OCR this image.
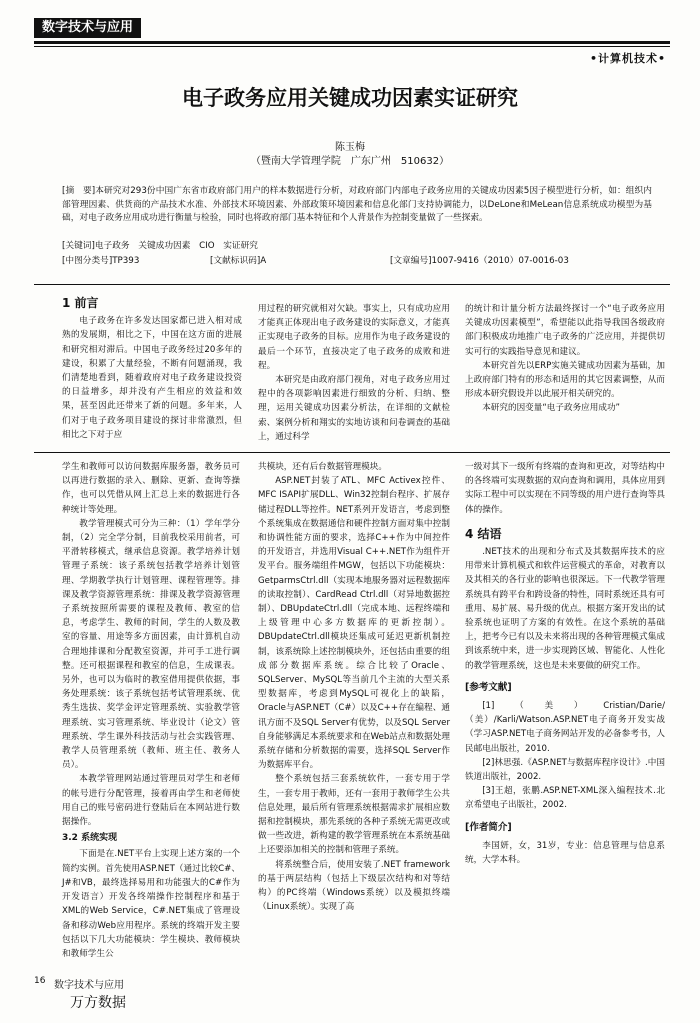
数字技术与应用
•计算机技术•
电子政务应用关键成功因素实证研究
陈玉梅
（暨南大学管理学院　广东广州　510632）
[摘　要]本研究对293份中国广东省市政府部门用户的样本数据进行分析，对政府部门内部电子政务应用的关键成功因素5因子模型进行分析，如：组织内部管理因素、供货商的产品技术水准、外部技术环境因素、外部政策环境因素和信息化部门支持协调能力，以DeLone和MeLean信息系统成功模型为基础，对电子政务应用成功进行衡量与检验，同时也将政府部门基本特征和个人背景作为控制变量做了一些探索。
[关键词]电子政务　关键成功因素　CIO　实证研究
[中图分类号]TP393	[文献标识码]A	[文章编号]1007-9416（2010）07-0016-03
1 前言

电子政务在许多发达国家都已进入相对成熟的发展期，相比之下，中国在这方面的进展和研究相对滞后。中国电子政务经过20多年的建设，积累了大量经验，不断有问题涌现，我们清楚地看到，随着政府对电子政务建设投资的日益增多，却并没有产生相应的效益和效果，甚至因此还带来了新的问题。多年来，人们对于电子政务项目建设的探讨非常激烈，但相比之下对于应

用过程的研究就相对欠缺。事实上，只有成功应用才能真正体现出电子政务建设的实际意义，才能真正实现电子政务的目标。应用作为电子政务建设的最后一个环节，直接决定了电子政务的成败和进程。

本研究是由政府部门视角，对电子政务应用过程中的各项影响因素进行细致的分析、归纳、整理，运用关键成功因素分析法，在详细的文献检索、案例分析和翔实的实地访谈和问卷调查的基础上，通过科学

的统计和计量分析方法最终探讨一个“电子政务应用关键成功因素模型”，希望能以此指导我国各级政府部门积极成功地推广电子政务的广泛应用，并提供切实可行的实践指导意见和建议。

本研究首先以ERP实施关键成功因素为基础，加上政府部门特有的形态和适用的其它因素调整，从而形成本研究假设并以此展开相关研究的。

本研究的因变量“电子政务应用成功”

学生和教师可以访问数据库服务器，教务员可以再进行数据的录入、删除、更新、查询等操作，也可以凭借从网上汇总上来的数据进行各种统计等处理。

教学管理模式可分为三种：（1）学年学分制，（2）完全学分制，目前我校采用前者，可平滑转移模式，继承信息资源。教学培养计划管理子系统：该子系统包括教学培养计划管理、学期教学执行计划管理、课程管理等。排课及教学资源管理系统：排课及教学资源管理子系统按照所需要的课程及教师、教室的信息，考虑学生、教师的时间，学生的人数及教室的容量、用途等多方面因素，由计算机自动合理地排课和分配教室资源，并可手工进行调整。还可根据课程和教室的信息，生成课表。另外，也可以为临时的教室借用提供依据，事务处理系统：该子系统包括考试管理系统、优秀生选拔、奖学金评定管理系统、实验教学管理系统、实习管理系统、毕业设计（论文）管理系统、学生课外科技活动与社会实践管理、教学人员管理系统（教师、班主任、教务人员）。

本教学管理网站通过管理员对学生和老师的帐号进行分配管理，接着再由学生和老师使用自己的账号密码进行登陆后在本网站进行数据操作。

3.2 系统实现

下面是在.NET平台上实现上述方案的一个简约实例。首先使用ASP.NET（通过比较C#、J#和VB，最终选择易用和功能强大的C#作为开发语言）开发各终端操作控制程序和基于XML的Web Service，C#.NET集成了管理设备和移动Web应用程序。系统的终端开发主要包括以下几大功能模块：学生模块、教师模块和教师学生公

共模块，还有后台数据管理模块。

ASP.NET封装了ATL、MFC Activex控件、MFC ISAPI扩展DLL、Win32控制台程序、扩展存储过程DLL等控件。NET系列开发语言，考虑到整个系统集成在数据通信和硬件控制方面对集中控制和协调性能方面的要求，选择C++作为中间控件的开发语言，并选用Visual C++.NET作为组件开发平台。服务端组件MGW，包括以下功能模块：GetparmsCtrl.dll（实现本地服务器对远程数据库的读取控制）、CardRead Ctrl.dll（对异地数据控制）、DBUpdateCtrl.dll（完成本地、远程终端和上级管理中心多方数据库的更新控制）。DBUpdateCtrl.dll模块还集成可延迟更新机制控制，该系统除上述控制模块外，还包括由重要的组成部分数据库系统。综合比较了Oracle、SQLServer、MySQL等当前几个主流的大型关系型数据库，考虑到MySQL可视化上的缺陷，Oracle与ASP.NET（C#）以及C++存在编程、通讯方面不及SQL Server有优势，以及SQL Server自身能够满足本系统要求和在Web站点和数据处理系统存储和分析数据的需要，选择SQL Server作为数据库平台。

整个系统包括三套系统软件，一套专用于学生，一套专用于教师，还有一套用于教师学生公共信息处理，最后所有管理系统根据需求扩展相应数据和控制模块，那先系统的各种子系统无需更改或做一些改进，新构建的教学管理系统在本系统基础上还要添加相关的控制和管理子系统。

将系统整合后，使用安装了.NET framework的基于两层结构（包括上下级层次结构和对等结构）的PC终端（Windows系统）以及模拟终端（Linux系统）。实现了高

一级对其下一级所有终端的查询和更改，对等结构中的各终端可实现数据的双向查询和调用，具体应用到实际工程中可以实现在不同等级的用户进行查询等具体的操作。

4 结语

.NET技术的出现和分布式及其数据库技术的应用带来计算机模式和软件运营模式的革命，对教育以及其相关的各行业的影响也很深远。下一代教学管理系统具有跨平台和跨设备的特性，同时系统还具有可重用、易扩展、易升级的优点。根据方案开发出的试验系统也证明了方案的有效性。在这个系统的基础上，把考今已有以及未来将出现的各种管理模式集成到该系统中来，进一步实现跨区域、智能化、人性化的教学管理系统，这也是未来要做的研究工作。

[参考文献]

[1]（美）Cristian/Darie/（美）/Karli/Watson.ASP.NET电子商务开发实战（学习ASP.NET电子商务网站开发的必备参考书，人民邮电出版社，2010.

[2]林思强.《ASP.NET与数据库程序设计》.中国铁道出版社，2002.

[3]王超，张鹏.ASP.NET-XML深入编程技术.北京希望电子出版社，2002.

[作者简介]

李国妍，女，31岁，专业：信息管理与信息系统，大学本科。

16 数字技术与应用
万方数据
